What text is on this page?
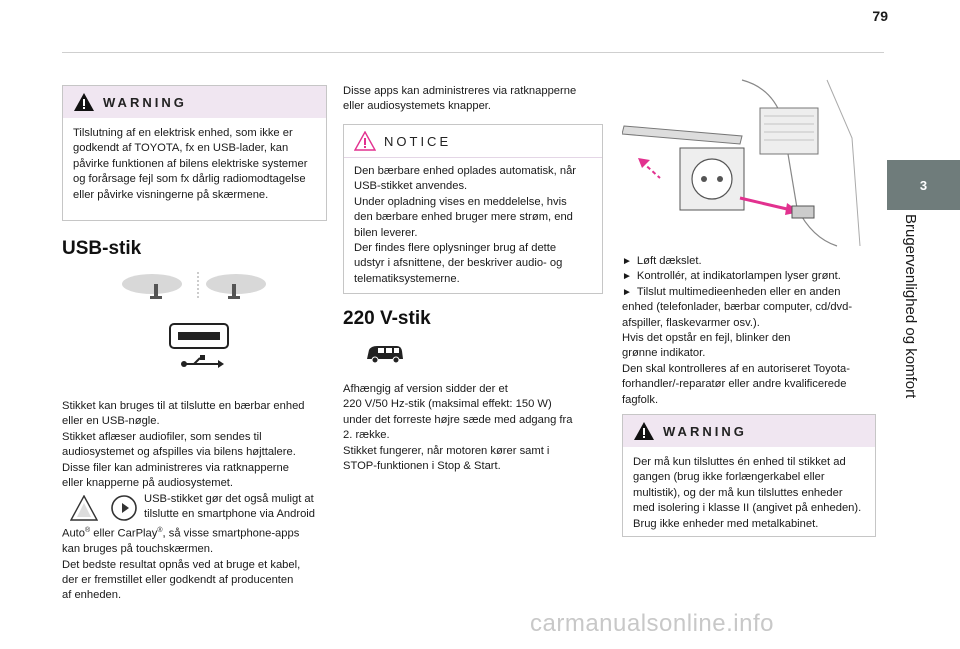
79
3
Brugervenlighed og komfort
WARNING

Tilslutning af en elektrisk enhed, som ikke er godkendt af TOYOTA, fx en USB-lader, kan påvirke funktionen af bilens elektriske systemer og forårsage fejl som fx dårlig radiomodtagelse eller påvirke visningerne på skærmene.

USB-stik

Stikket kan bruges til at tilslutte en bærbar enhed

eller en USB-nøgle.

Stikket aflæser audiofiler, som sendes til

audiosystemet og afspilles via bilens højttalere.

Disse filer kan administreres via ratknapperne

eller knapperne på audiosystemet.

USB-stikket gør det også muligt at

tilslutte en smartphone via Android

Auto® eller CarPlay®, så visse smartphone-apps

kan bruges på touchskærmen.

Det bedste resultat opnås ved at bruge et kabel,

der er fremstillet eller godkendt af producenten

af enheden.

Disse apps kan administreres via ratknapperne

eller audiosystemets knapper.

NOTICE

Den bærbare enhed oplades automatisk, når

USB-stikket anvendes.

Under opladning vises en meddelelse, hvis

den bærbare enhed bruger mere strøm, end

bilen leverer.

Der findes flere oplysninger brug af dette

udstyr i afsnittene, der beskriver audio- og

telematiksystemerne.

220 V-stik

Afhængig af version sidder der et

220 V/50 Hz-stik (maksimal effekt: 150 W)

under det forreste højre sæde med adgang fra

2. række.

Stikket fungerer, når motoren kører samt i

STOP-funktionen i Stop & Start.

► Løft dækslet.

► Kontrollér, at indikatorlampen lyser grønt.

► Tilslut multimedieenheden eller en anden

enhed (telefonlader, bærbar computer, cd/dvd-

afspiller, flaskevarmer osv.).

Hvis det opstår en fejl, blinker den

grønne indikator.

Den skal kontrolleres af en autoriseret Toyota-

forhandler/-reparatør eller andre kvalificerede

fagfolk.

WARNING

Der må kun tilsluttes én enhed til stikket ad

gangen (brug ikke forlængerkabel eller

multistik), og der må kun tilsluttes enheder

med isolering i klasse II (angivet på enheden).

Brug ikke enheder med metalkabinet.

carmanualsonline.info
